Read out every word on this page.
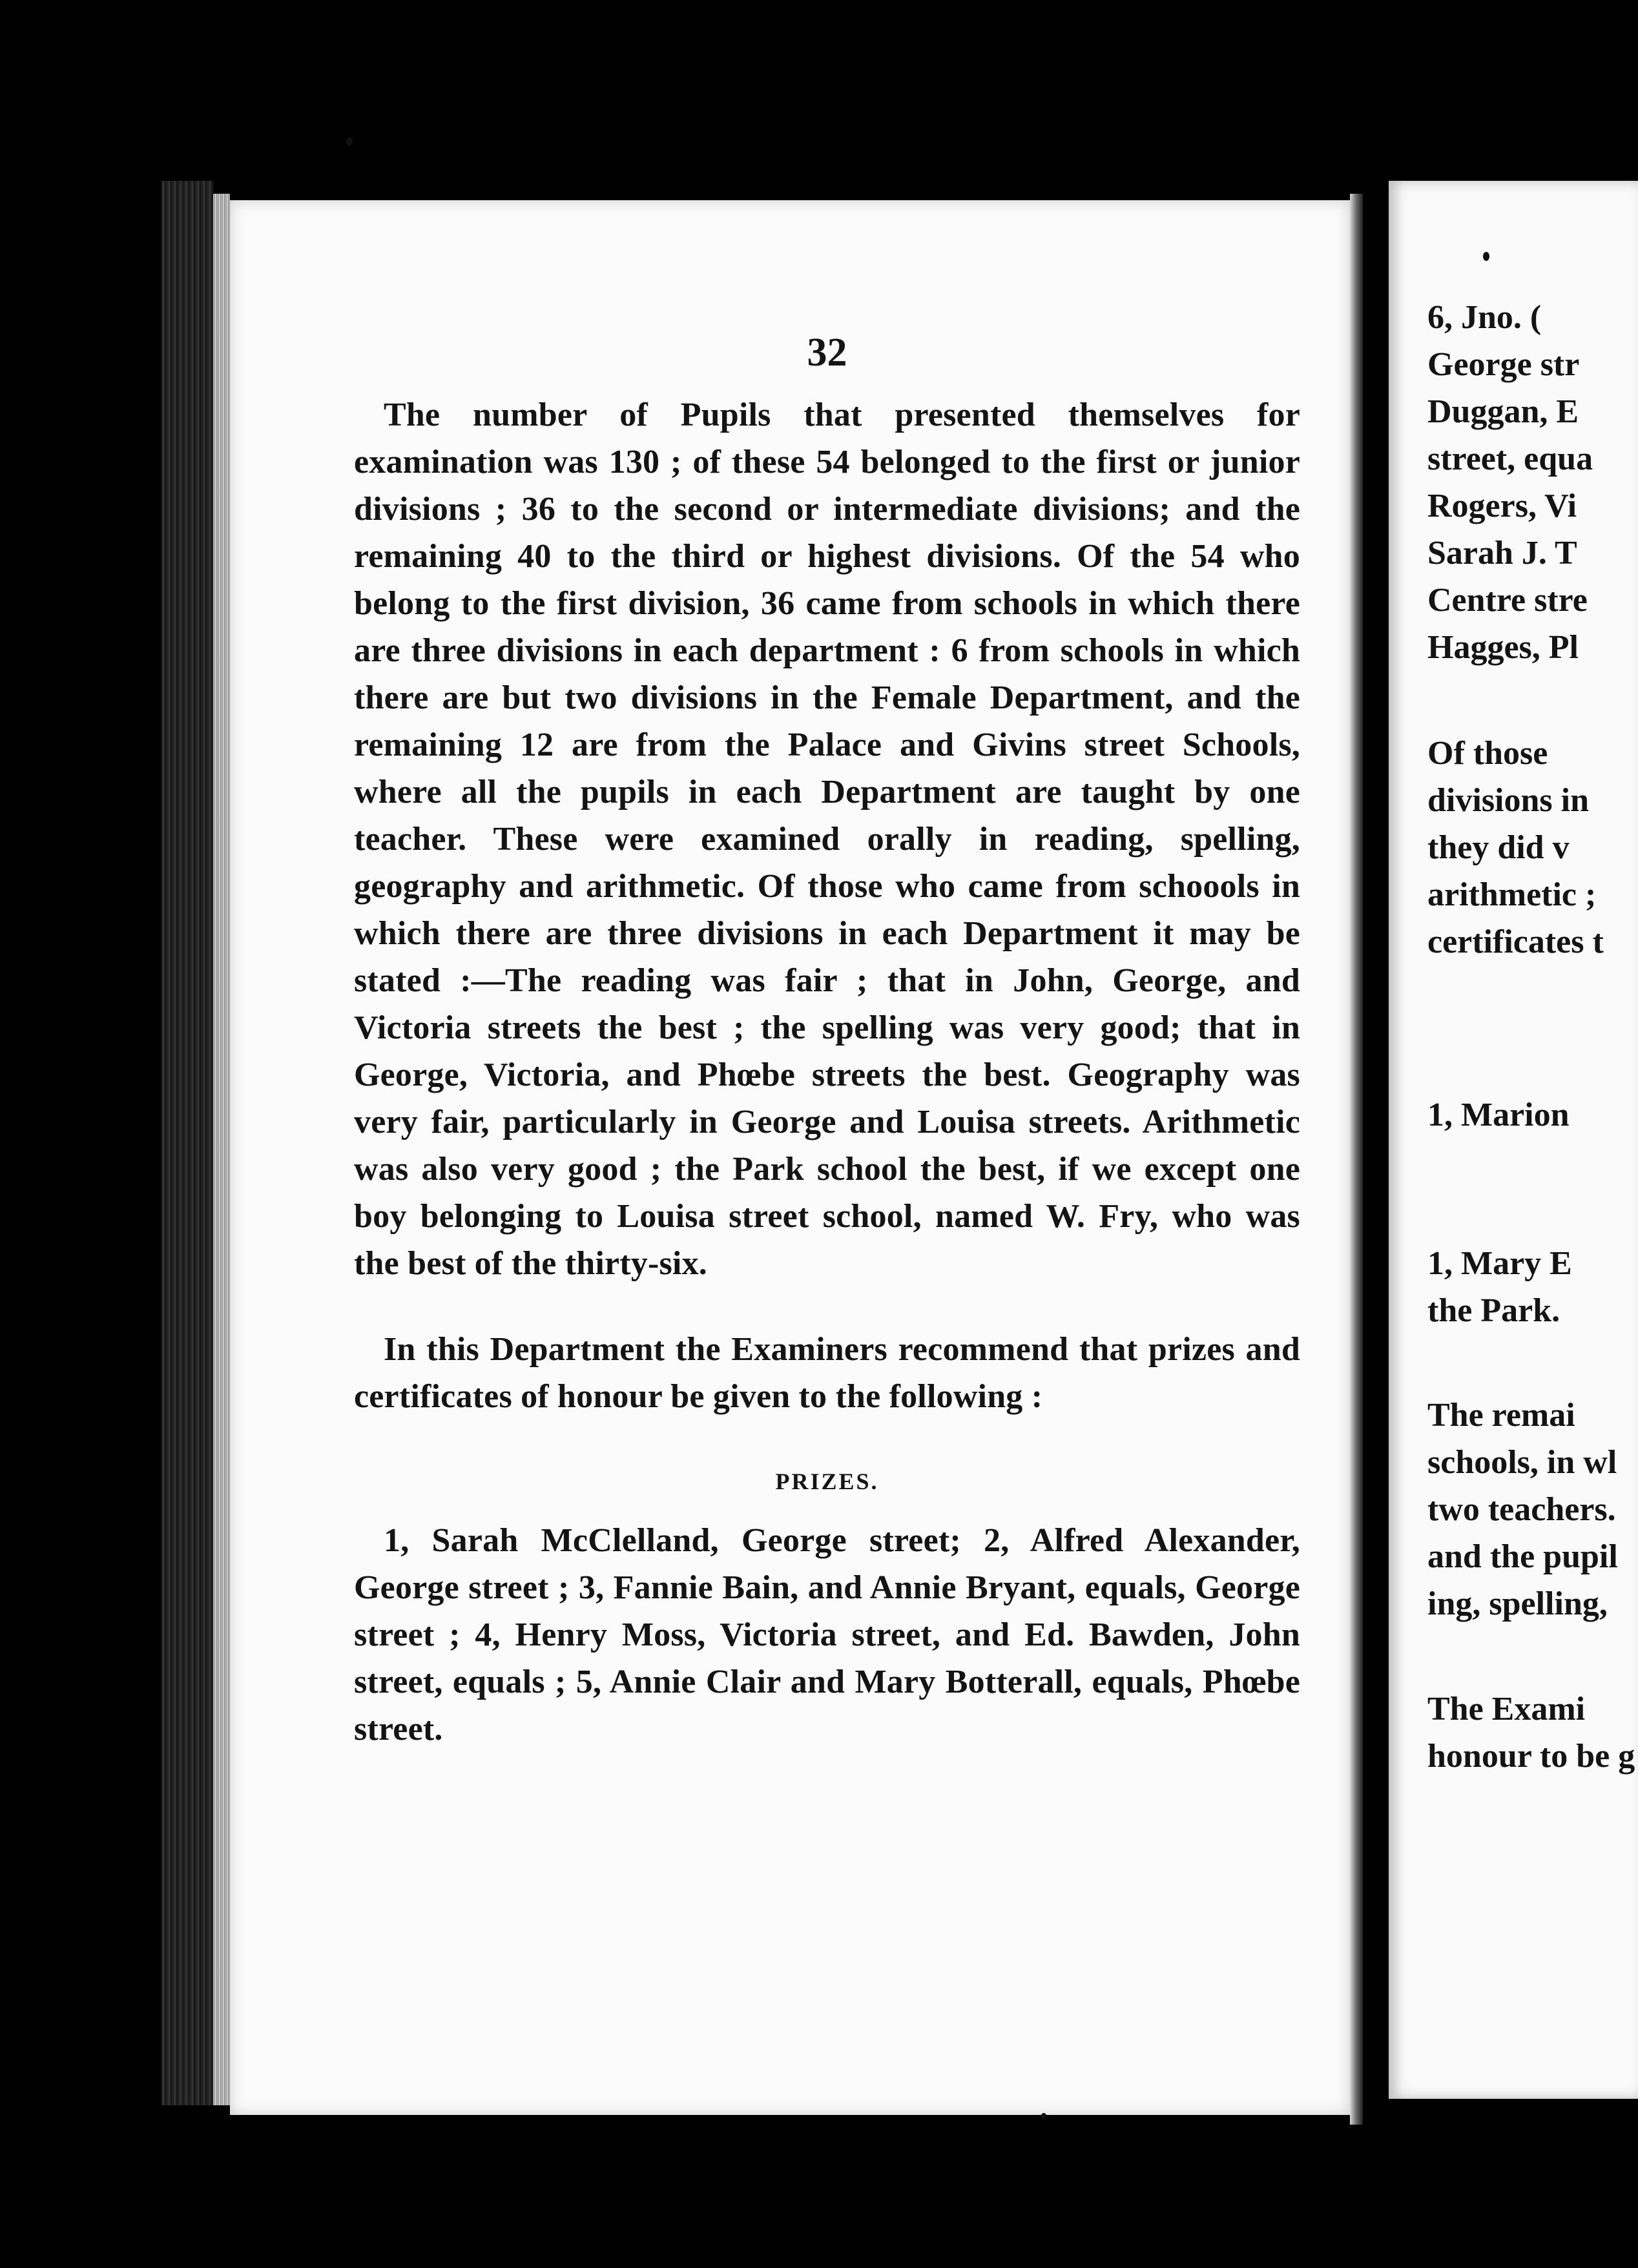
32

The number of Pupils that presented themselves for examination was 130 ; of these 54 belonged to the first or junior divisions ; 36 to the second or intermediate divisions; and the remaining 40 to the third or highest divisions. Of the 54 who belong to the first division, 36 came from schools in which there are three divisions in each department : 6 from schools in which there are but two divisions in the Female Department, and the remaining 12 are from the Palace and Givins street Schools, where all the pupils in each Department are taught by one teacher. These were examined orally in reading, spelling, geography and arithmetic. Of those who came from schoools in which there are three divisions in each Department it may be stated :—The reading was fair ; that in John, George, and Victoria streets the best ; the spelling was very good; that in George, Victoria, and Phœbe streets the best. Geography was very fair, particularly in George and Louisa streets. Arithmetic was also very good ; the Park school the best, if we except one boy belonging to Louisa street school, named W. Fry, who was the best of the thirty-six.

In this Department the Examiners recommend that prizes and certificates of honour be given to the following :

PRIZES.

1, Sarah McClelland, George street; 2, Alfred Alexander, George street ; 3, Fannie Bain, and Annie Bryant, equals, George street ; 4, Henry Moss, Victoria street, and Ed. Bawden, John street, equals ; 5, Annie Clair and Mary Botterall, equals, Phœbe street.

6, Jno. (
George str
Duggan, E
street, equa
Rogers, Vi
Sarah J. T
Centre stre
Hagges, Pl
Of those
divisions in
they did v
arithmetic ;
certificates t
1, Marion
1, Mary E
the Park.
The remai
schools, in wl
two teachers.
and the pupil
ing, spelling,
The Exami
honour to be g
